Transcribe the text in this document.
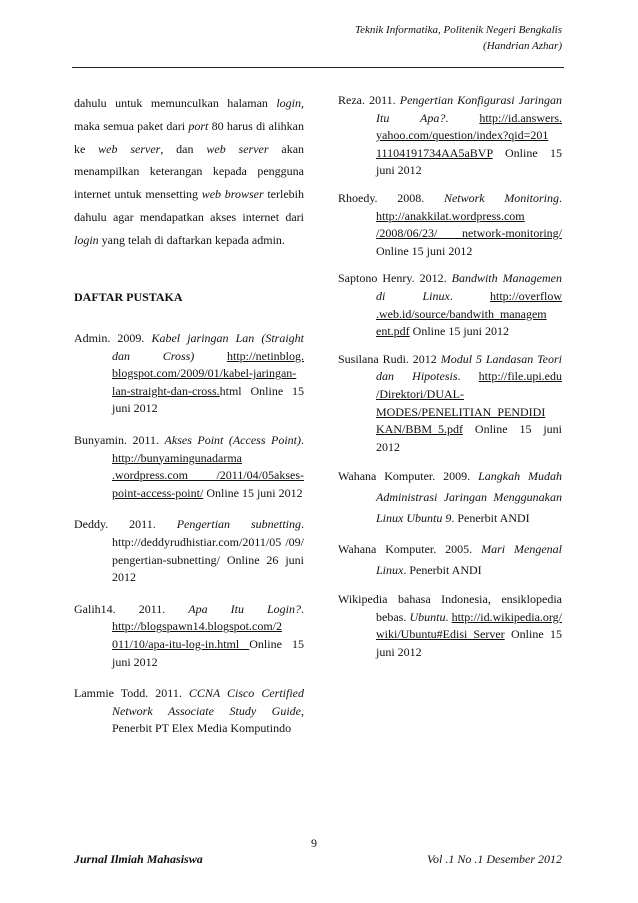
Teknik Informatika, Politenik Negeri Bengkalis
(Handrian Azhar)

dahulu untuk memunculkan halaman login, maka semua paket dari port 80 harus di alihkan ke web server, dan web server akan menampilkan keterangan kepada pengguna internet untuk mensetting web browser terlebih dahulu agar mendapatkan akses internet dari login yang telah di daftarkan kepada admin.

DAFTAR PUSTAKA

Admin. 2009. Kabel jaringan Lan (Straight dan Cross)	http://netinblog. blogspot.com/2009/01/kabel-jaringan-lan-straight-dan-cross.html Online 15 juni 2012

Bunyamin. 2011. Akses Point (Access Point). http://bunyamingunadarma .wordpress.com /2011/04/05akses-point-access-point/ Online 15 juni 2012

Deddy. 2011. Pengertian subnetting. http://deddyrudhistiar.com/2011/05 /09/ pengertian-subnetting/ Online 26 juni 2012

Galih14. 2011. Apa Itu Login?. http://blogspawn14.blogspot.com/2 011/10/apa-itu-log-in.html Online 15 juni 2012

Lammie Todd. 2011. CCNA Cisco Certified Network Associate Study Guide, Penerbit PT Elex Media Komputindo

Reza. 2011. Pengertian Konfigurasi Jaringan Itu Apa?. http://id.answers. yahoo.com/question/index?qid=201 11104191734AA5aBVP Online 15 juni 2012

Rhoedy. 2008. Network Monitoring. http://anakkilat.wordpress.com /2008/06/23/ network-monitoring/ Online 15 juni 2012

Saptono Henry. 2012. Bandwith Managemen di Linux. http://overflow .web.id/source/bandwith_managem ent.pdf Online 15 juni 2012

Susilana Rudi. 2012 Modul 5 Landasan Teori dan Hipotesis. http://file.upi.edu /Direktori/DUAL-MODES/PENELITIAN_PENDIDI KAN/BBM_5.pdf Online 15 juni 2012

Wahana Komputer. 2009. Langkah Mudah Administrasi Jaringan Menggunakan Linux Ubuntu 9. Penerbit ANDI

Wahana Komputer. 2005. Mari Mengenal Linux. Penerbit ANDI

Wikipedia bahasa Indonesia, ensiklopedia bebas. Ubuntu. http://id.wikipedia.org/ wiki/Ubuntu#Edisi_Server Online 15 juni 2012

9
Jurnal Ilmiah Mahasiswa	Vol .1 No .1 Desember 2012
